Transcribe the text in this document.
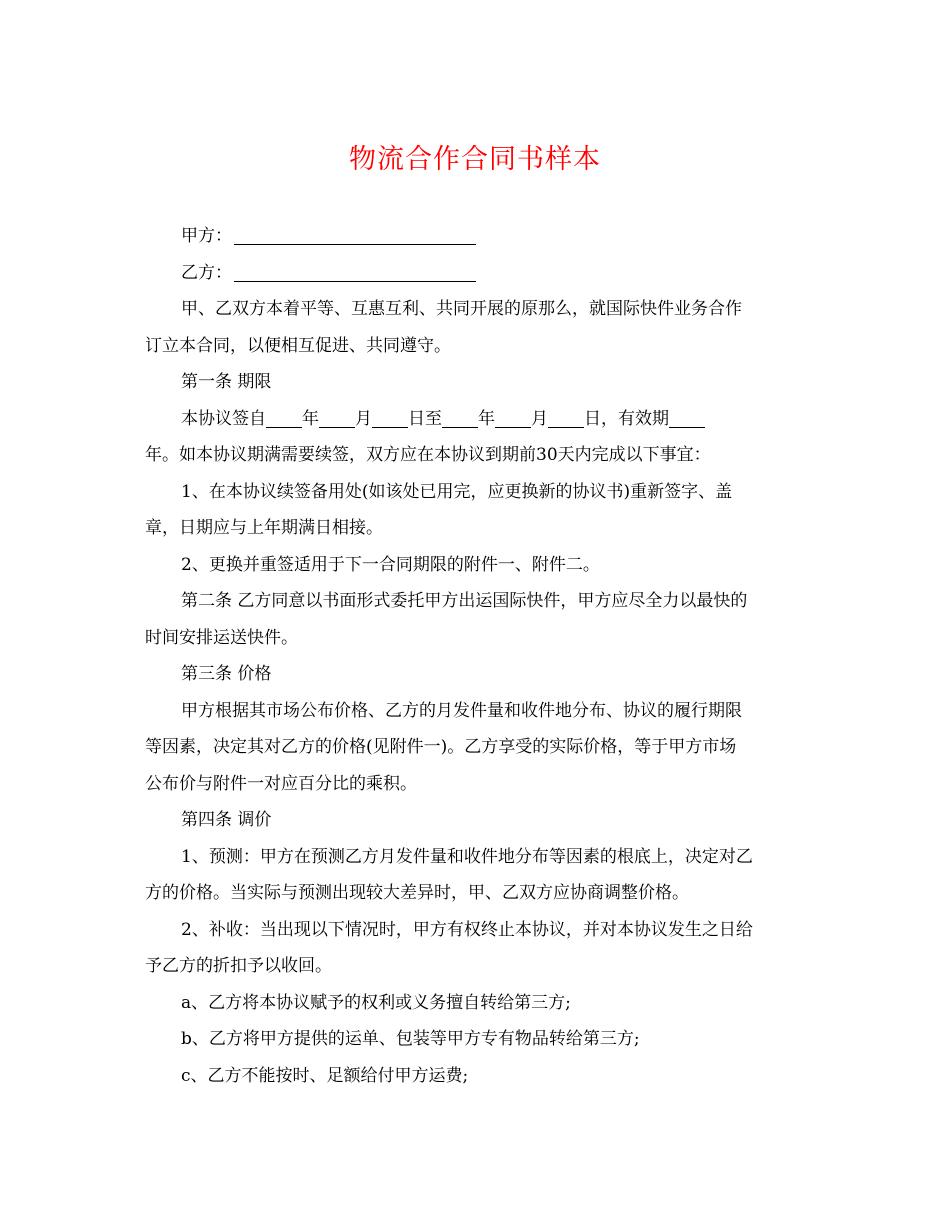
物流合作合同书样本
甲方：
乙方：
甲、乙双方本着平等、互惠互利、共同开展的原那么，就国际快件业务合作
订立本合同，以便相互促进、共同遵守。
第一条 期限
本协议签自 年 月 日至 年 月 日，有效期
年。如本协议期满需要续签，双方应在本协议到期前30天内完成以下事宜：
1、在本协议续签备用处(如该处已用完，应更换新的协议书)重新签字、盖
章，日期应与上年期满日相接。
2、更换并重签适用于下一合同期限的附件一、附件二。
第二条 乙方同意以书面形式委托甲方出运国际快件，甲方应尽全力以最快的
时间安排运送快件。
第三条 价格
甲方根据其市场公布价格、乙方的月发件量和收件地分布、协议的履行期限
等因素，决定其对乙方的价格(见附件一)。乙方享受的实际价格，等于甲方市场
公布价与附件一对应百分比的乘积。
第四条 调价
1、预测：甲方在预测乙方月发件量和收件地分布等因素的根底上，决定对乙
方的价格。当实际与预测出现较大差异时，甲、乙双方应协商调整价格。
2、补收：当出现以下情况时，甲方有权终止本协议，并对本协议发生之日给
予乙方的折扣予以收回。
a、乙方将本协议赋予的权利或义务擅自转给第三方;
b、乙方将甲方提供的运单、包装等甲方专有物品转给第三方;
c、乙方不能按时、足额给付甲方运费;
